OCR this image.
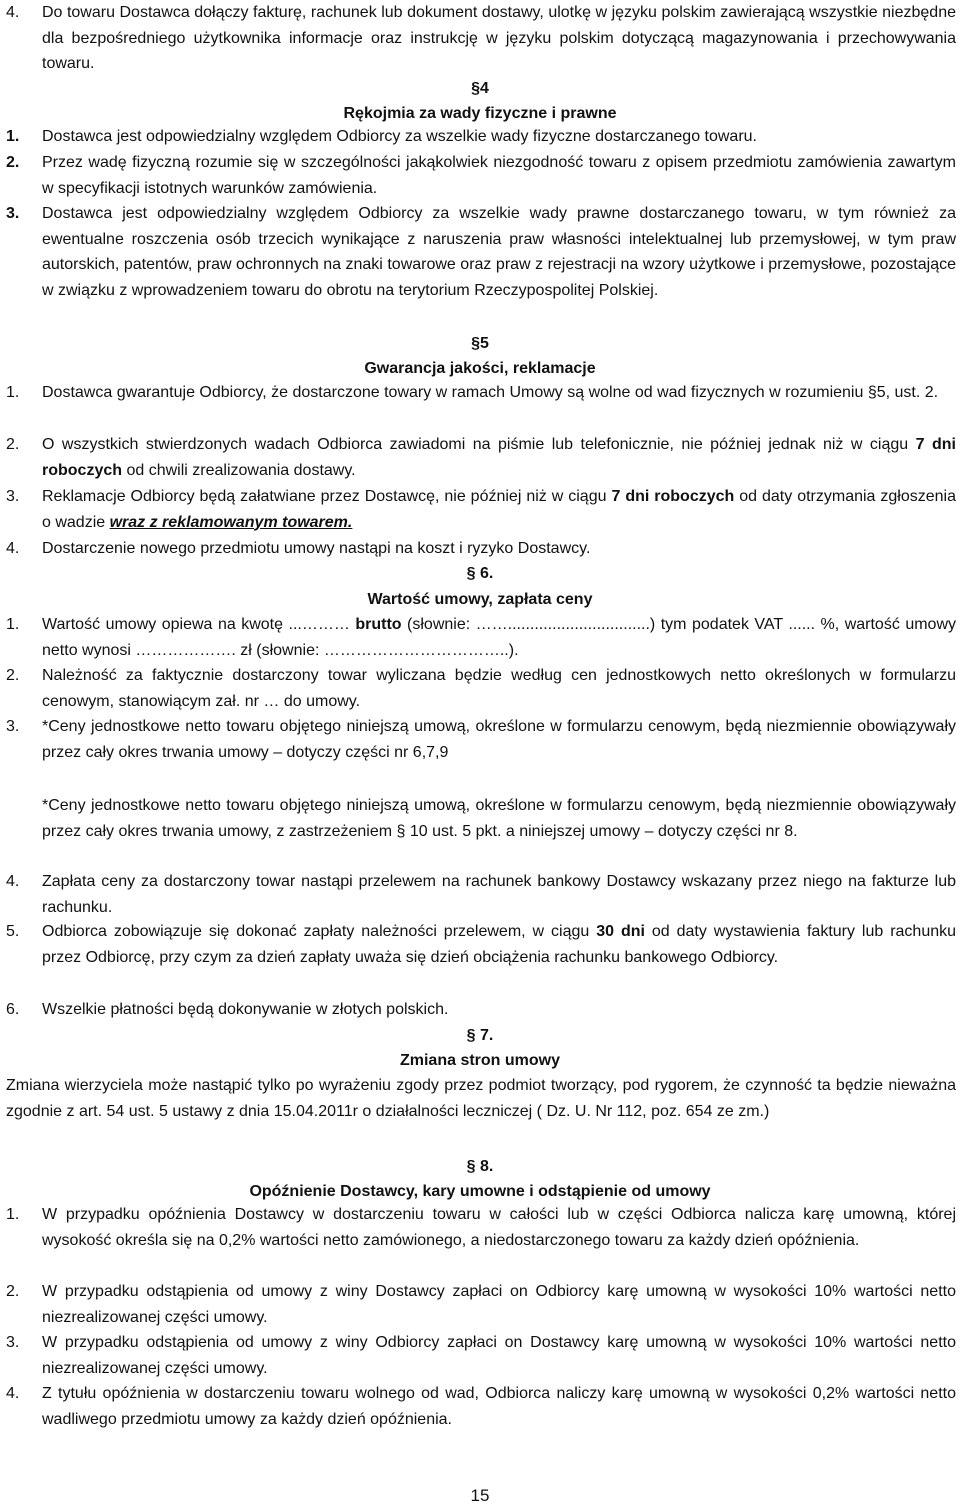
4.	Do towaru Dostawca dołączy fakturę, rachunek lub dokument dostawy, ulotkę w języku polskim zawierającą wszystkie niezbędne dla bezpośredniego użytkownika informacje oraz instrukcję w języku polskim dotyczącą magazynowania i przechowywania towaru.
§4
Rękojmia za wady fizyczne i prawne
1.	Dostawca jest odpowiedzialny względem Odbiorcy za wszelkie wady fizyczne dostarczanego towaru.
2.	Przez wadę fizyczną rozumie się w szczególności jakąkolwiek niezgodność towaru z opisem przedmiotu zamówienia zawartym w specyfikacji istotnych warunków zamówienia.
3.	Dostawca jest odpowiedzialny względem Odbiorcy za wszelkie wady prawne dostarczanego towaru, w tym również za ewentualne roszczenia osób trzecich wynikające z naruszenia praw własności intelektualnej lub przemysłowej, w tym praw autorskich, patentów, praw ochronnych na znaki towarowe oraz praw z rejestracji na wzory użytkowe i przemysłowe, pozostające w związku z wprowadzeniem towaru do obrotu na terytorium Rzeczypospolitej Polskiej.
§5
Gwarancja jakości, reklamacje
1.	Dostawca gwarantuje Odbiorcy, że dostarczone towary w ramach Umowy są wolne od wad fizycznych w rozumieniu §5, ust. 2.
2.	O wszystkich stwierdzonych wadach Odbiorca zawiadomi na piśmie lub telefonicznie, nie później jednak niż w ciągu 7 dni roboczych od chwili zrealizowania dostawy.
3.	Reklamacje Odbiorcy będą załatwiane przez Dostawcę, nie później niż w ciągu 7 dni roboczych od daty otrzymania zgłoszenia o wadzie wraz z reklamowanym towarem.
4.	Dostarczenie nowego przedmiotu umowy nastąpi na koszt i ryzyko Dostawcy.
§ 6.
Wartość umowy, zapłata ceny
1.	Wartość umowy opiewa na kwotę ...……… brutto (słownie: ……................................) tym podatek VAT ...... %, wartość umowy netto wynosi ………………. zł (słownie: ……………………………..).
2.	Należność za faktycznie dostarczony towar wyliczana będzie według cen jednostkowych netto określonych w formularzu cenowym, stanowiącym zał. nr … do umowy.
3.	*Ceny jednostkowe netto towaru objętego niniejszą umową, określone w formularzu cenowym, będą niezmiennie obowiązywały przez cały okres trwania umowy – dotyczy części nr 6,7,9
*Ceny jednostkowe netto towaru objętego niniejszą umową, określone w formularzu cenowym, będą niezmiennie obowiązywały przez cały okres trwania umowy, z zastrzeżeniem § 10 ust. 5 pkt. a niniejszej umowy – dotyczy części nr 8.
4.	Zapłata ceny za dostarczony towar nastąpi przelewem na rachunek bankowy Dostawcy wskazany przez niego na fakturze lub rachunku.
5.	Odbiorca zobowiązuje się dokonać zapłaty należności przelewem, w ciągu 30 dni od daty wystawienia faktury lub rachunku przez Odbiorcę, przy czym za dzień zapłaty uważa się dzień obciążenia rachunku bankowego Odbiorcy.
6.	Wszelkie płatności będą dokonywanie w złotych polskich.
§ 7.
Zmiana stron umowy
Zmiana wierzyciela może nastąpić tylko po wyrażeniu zgody przez podmiot tworzący, pod rygorem, że czynność ta będzie nieważna zgodnie z art. 54 ust. 5 ustawy z dnia 15.04.2011r o działalności leczniczej ( Dz. U. Nr 112, poz. 654 ze zm.)
§ 8.
Opóźnienie Dostawcy, kary umowne i odstąpienie od umowy
1.	W przypadku opóźnienia Dostawcy w dostarczeniu towaru w całości lub w części Odbiorca nalicza karę umowną, której wysokość określa się na 0,2% wartości netto zamówionego, a niedostarczonego towaru za każdy dzień opóźnienia.
2.	W przypadku odstąpienia od umowy z winy Dostawcy zapłaci on Odbiorcy karę umowną w wysokości 10% wartości netto niezrealizowanej części umowy.
3.	W przypadku odstąpienia od umowy z winy Odbiorcy zapłaci on Dostawcy karę umowną w wysokości 10% wartości netto niezrealizowanej części umowy.
4.	Z tytułu opóźnienia w dostarczeniu towaru wolnego od wad, Odbiorca naliczy karę umowną w wysokości 0,2% wartości netto wadliwego przedmiotu umowy za każdy dzień opóźnienia.
15
